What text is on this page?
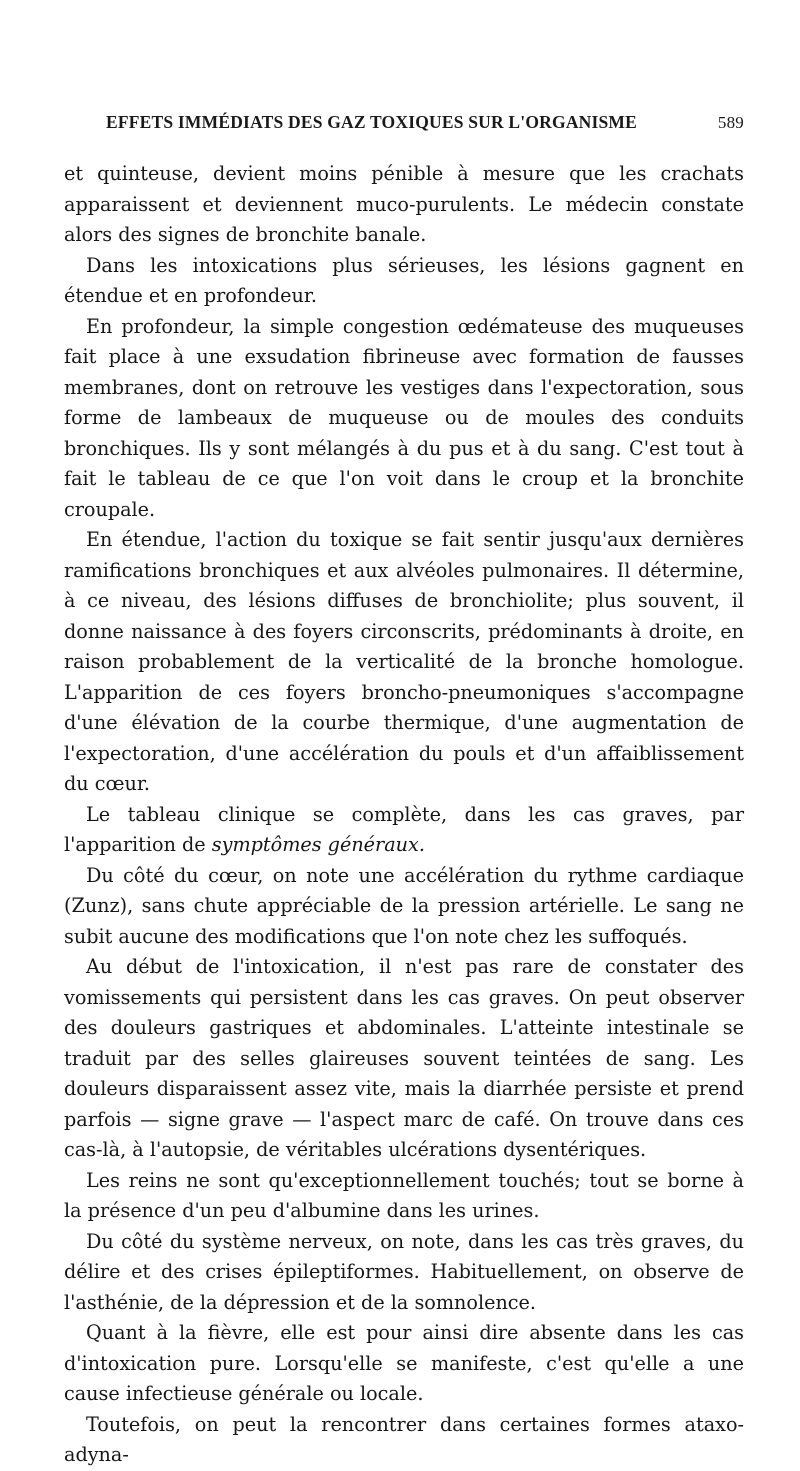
EFFETS IMMÉDIATS DES GAZ TOXIQUES SUR L'ORGANISME	589

et quinteuse, devient moins pénible à mesure que les crachats apparaissent et deviennent muco-purulents. Le médecin constate alors des signes de bronchite banale.

Dans les intoxications plus sérieuses, les lésions gagnent en étendue et en profondeur.

En profondeur, la simple congestion œdémateuse des muqueuses fait place à une exsudation fibrineuse avec formation de fausses membranes, dont on retrouve les vestiges dans l'expectoration, sous forme de lambeaux de muqueuse ou de moules des conduits bronchiques. Ils y sont mélangés à du pus et à du sang. C'est tout à fait le tableau de ce que l'on voit dans le croup et la bronchite croupale.

En étendue, l'action du toxique se fait sentir jusqu'aux dernières ramifications bronchiques et aux alvéoles pulmonaires. Il détermine, à ce niveau, des lésions diffuses de bronchiolite; plus souvent, il donne naissance à des foyers circonscrits, prédominants à droite, en raison probablement de la verticalité de la bronche homologue. L'apparition de ces foyers broncho-pneumoniques s'accompagne d'une élévation de la courbe thermique, d'une augmentation de l'expectoration, d'une accélération du pouls et d'un affaiblissement du cœur.

Le tableau clinique se complète, dans les cas graves, par l'apparition de symptômes généraux.

Du côté du cœur, on note une accélération du rythme cardiaque (Zunz), sans chute appréciable de la pression artérielle. Le sang ne subit aucune des modifications que l'on note chez les suffoqués.

Au début de l'intoxication, il n'est pas rare de constater des vomissements qui persistent dans les cas graves. On peut observer des douleurs gastriques et abdominales. L'atteinte intestinale se traduit par des selles glaireuses souvent teintées de sang. Les douleurs disparaissent assez vite, mais la diarrhée persiste et prend parfois — signe grave — l'aspect marc de café. On trouve dans ces cas-là, à l'autopsie, de véritables ulcérations dysentériques.

Les reins ne sont qu'exceptionnellement touchés; tout se borne à la présence d'un peu d'albumine dans les urines.

Du côté du système nerveux, on note, dans les cas très graves, du délire et des crises épileptiformes. Habituellement, on observe de l'asthénie, de la dépression et de la somnolence.

Quant à la fièvre, elle est pour ainsi dire absente dans les cas d'intoxication pure. Lorsqu'elle se manifeste, c'est qu'elle a une cause infectieuse générale ou locale.

Toutefois, on peut la rencontrer dans certaines formes ataxo-adyna-
